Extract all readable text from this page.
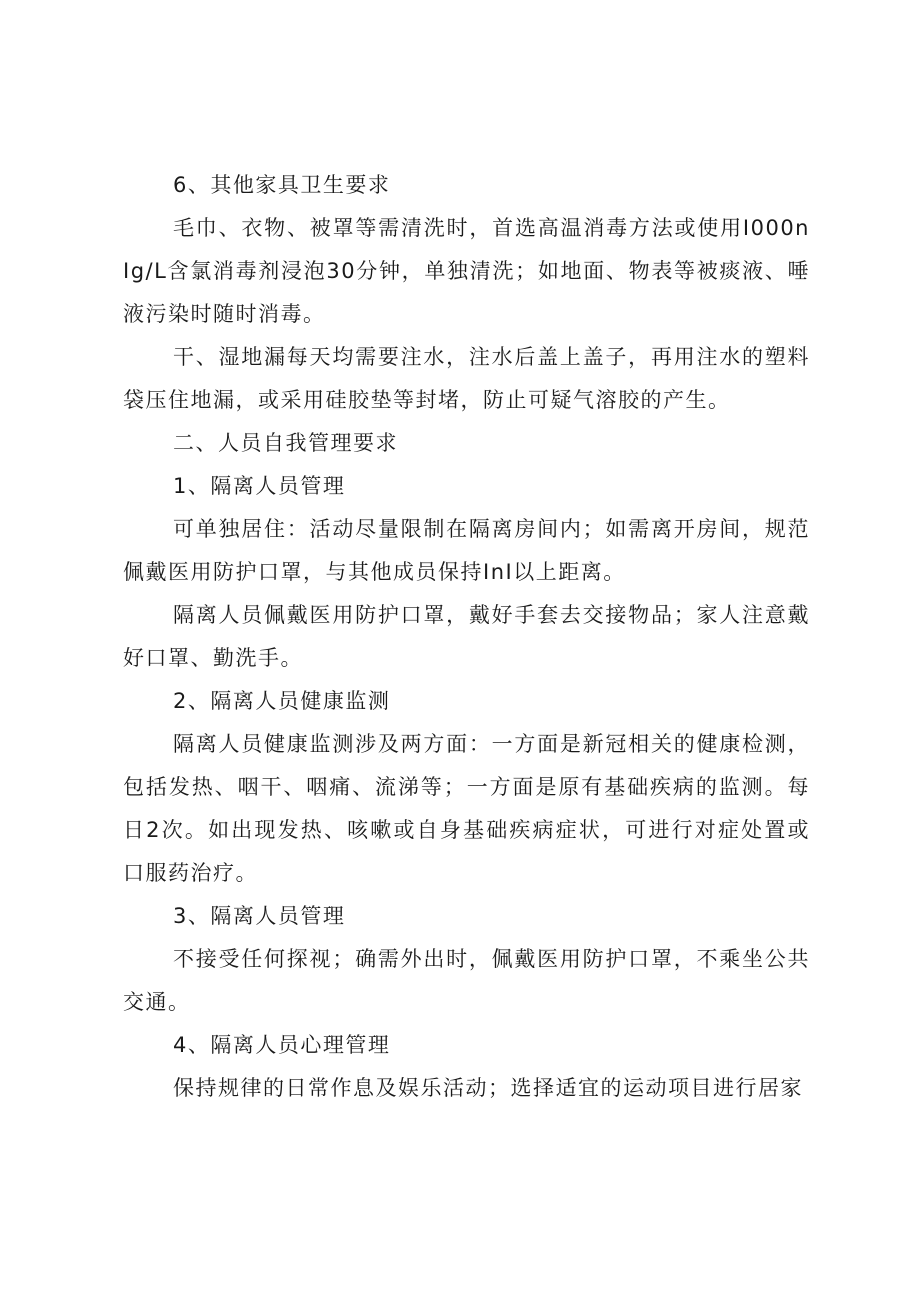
6、其他家具卫生要求

毛巾、衣物、被罩等需清洗时，首选高温消毒方法或使用I000nIg/L含氯消毒剂浸泡30分钟，单独清洗；如地面、物表等被痰液、唾液污染时随时消毒。

干、湿地漏每天均需要注水，注水后盖上盖子，再用注水的塑料袋压住地漏，或采用硅胶垫等封堵，防止可疑气溶胶的产生。

二、人员自我管理要求

1、隔离人员管理

可单独居住：活动尽量限制在隔离房间内；如需离开房间，规范佩戴医用防护口罩，与其他成员保持InI以上距离。

隔离人员佩戴医用防护口罩，戴好手套去交接物品；家人注意戴好口罩、勤洗手。

2、隔离人员健康监测

隔离人员健康监测涉及两方面：一方面是新冠相关的健康检测，包括发热、咽干、咽痛、流涕等；一方面是原有基础疾病的监测。每日2次。如出现发热、咳嗽或自身基础疾病症状，可进行对症处置或口服药治疗。

3、隔离人员管理

不接受任何探视；确需外出时，佩戴医用防护口罩，不乘坐公共交通。

4、隔离人员心理管理

保持规律的日常作息及娱乐活动；选择适宜的运动项目进行居家
